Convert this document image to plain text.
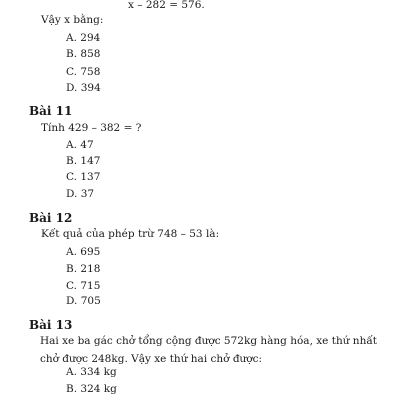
x – 282 = 576.
Vậy x bằng:
A. 294
B. 858
C. 758
D. 394
Bài 11
Tính 429 – 382 = ?
A. 47
B. 147
C. 137
D. 37
Bài 12
Kết quả của phép trừ 748 – 53 là:
A. 695
B. 218
C. 715
D. 705
Bài 13
Hai xe ba gác chở tổng cộng được 572kg hàng hóa, xe thứ nhất chở được 248kg. Vậy xe thứ hai chở được:
A. 334 kg
B. 324 kg
